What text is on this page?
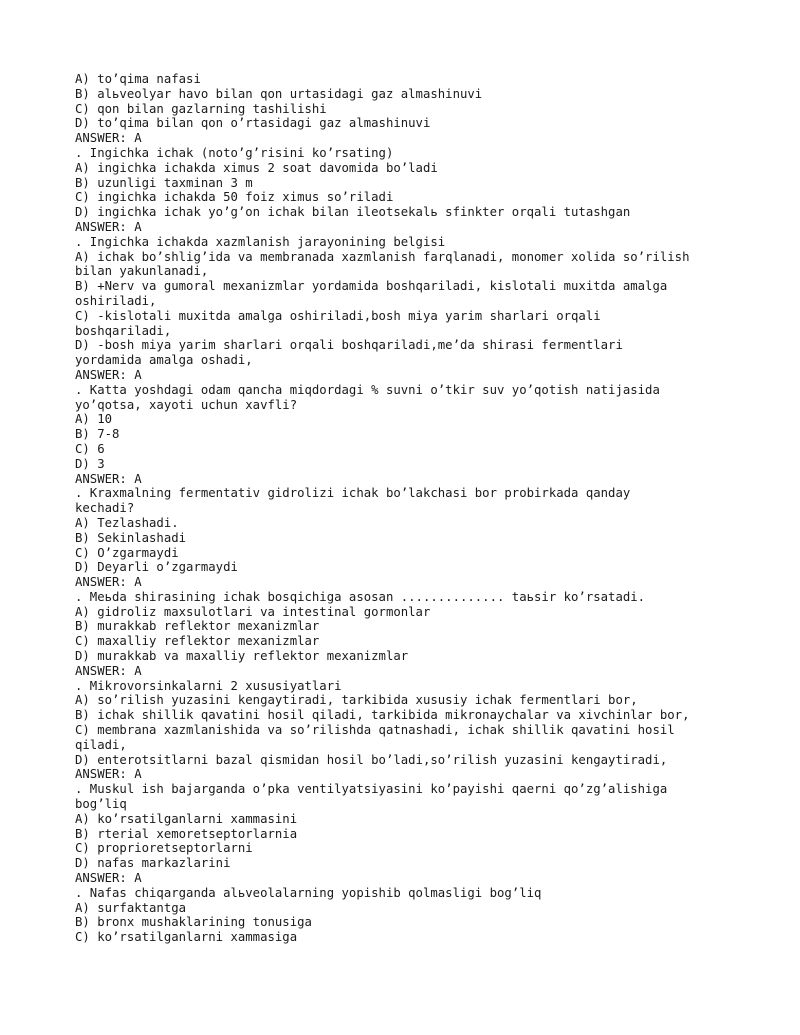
A) to’qima nafasi
B) alьveolyar havo bilan qon urtasidagi gaz almashinuvi
C) qon bilan gazlarning tashilishi
D) to’qima bilan qon o’rtasidagi gaz almashinuvi
ANSWER: A
. Ingichka ichak (noto’g’risini ko’rsating)
A) ingichka ichakda ximus 2 soat davomida bo’ladi
B) uzunligi taxminan 3 m
C) ingichka ichakda 50 foiz ximus so’riladi
D) ingichka ichak yo’g’on ichak bilan ileotsekalь sfinkter orqali tutashgan
ANSWER: A
. Ingichka ichakda xazmlanish jarayonining belgisi
A) ichak bo’shlig’ida va membranada xazmlanish farqlanadi, monomer xolida so’rilish
bilan yakunlanadi,
B) +Nerv va gumoral mexanizmlar yordamida boshqariladi, kislotali muxitda amalga
oshiriladi,
C) -kislotali muxitda amalga oshiriladi,bosh miya yarim sharlari orqali
boshqariladi,
D) -bosh miya yarim sharlari orqali boshqariladi,me’da shirasi fermentlari
yordamida amalga oshadi,
ANSWER: A
. Katta yoshdagi odam qancha miqdordagi % suvni o’tkir suv yo’qotish natijasida
yo’qotsa, xayoti uchun xavfli?
A) 10
B) 7-8
C) 6
D) 3
ANSWER: A
. Kraxmalning fermentativ gidrolizi ichak bo’lakchasi bor probirkada qanday
kechadi?
A) Tezlashadi.
B) Sekinlashadi
C) O’zgarmaydi
D) Deyarli o’zgarmaydi
ANSWER: A
. Meьda shirasining ichak bosqichiga asosan .............. taьsir ko’rsatadi.
A) gidroliz maxsulotlari va intestinal gormonlar
B) murakkab reflektor mexanizmlar
C) maxalliy reflektor mexanizmlar
D) murakkab va maxalliy reflektor mexanizmlar
ANSWER: A
. Mikrovorsinkalarni 2 xususiyatlari
A) so’rilish yuzasini kengaytiradi, tarkibida xususiy ichak fermentlari bor,
B) ichak shillik qavatini hosil qiladi, tarkibida mikronaychalar va xivchinlar bor,
C) membrana xazmlanishida va so’rilishda qatnashadi, ichak shillik qavatini hosil
qiladi,
D) enterotsitlarni bazal qismidan hosil bo’ladi,so’rilish yuzasini kengaytiradi,
ANSWER: A
. Muskul ish bajarganda o’pka ventilyatsiyasini ko’payishi qaerni qo’zg’alishiga
bog’liq
A) ko’rsatilganlarni xammasini
B) rterial xemoretseptorlarnia
C) proprioretseptorlarni
D) nafas markazlarini
ANSWER: A
. Nafas chiqarganda alьveolalarning yopishib qolmasligi bog’liq
A) surfaktantga
B) bronx mushaklarining tonusiga
C) ko’rsatilganlarni xammasiga
